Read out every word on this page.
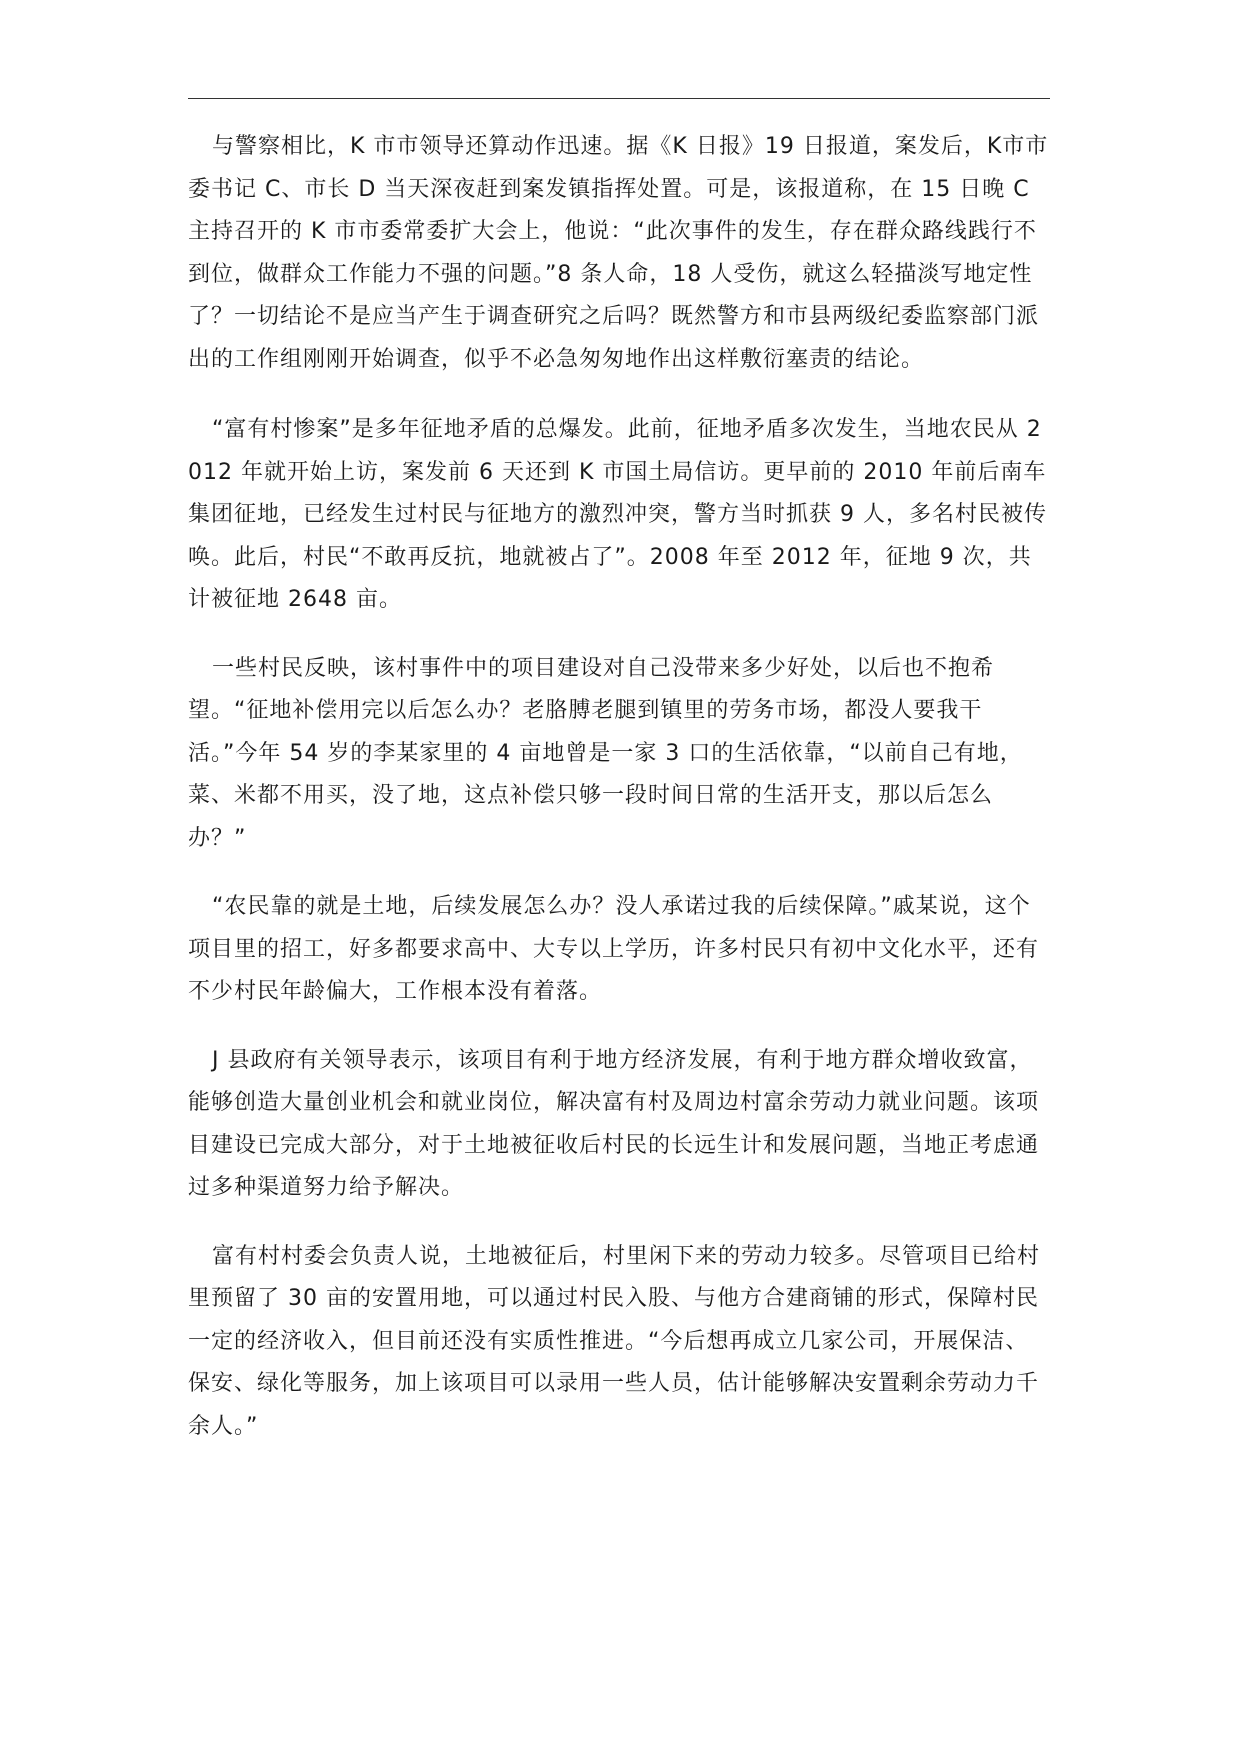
与警察相比，K 市市领导还算动作迅速。据《K 日报》19 日报道，案发后，K市市委书记 C、市长 D 当天深夜赶到案发镇指挥处置。可是，该报道称，在 15 日晚 C 主持召开的 K 市市委常委扩大会上，他说：“此次事件的发生，存在群众路线践行不到位，做群众工作能力不强的问题。”8 条人命，18 人受伤，就这么轻描淡写地定性了？一切结论不是应当产生于调查研究之后吗？既然警方和市县两级纪委监察部门派出的工作组刚刚开始调查，似乎不必急匆匆地作出这样敷衍塞责的结论。

“富有村惨案”是多年征地矛盾的总爆发。此前，征地矛盾多次发生，当地农民从 2012 年就开始上访，案发前 6 天还到 K 市国土局信访。更早前的 2010 年前后南车集团征地，已经发生过村民与征地方的激烈冲突，警方当时抓获 9 人，多名村民被传唤。此后，村民“不敢再反抗，地就被占了”。2008 年至 2012 年，征地 9 次，共计被征地 2648 亩。

一些村民反映，该村事件中的项目建设对自己没带来多少好处，以后也不抱希望。“征地补偿用完以后怎么办？老胳膊老腿到镇里的劳务市场，都没人要我干活。”今年 54 岁的李某家里的 4 亩地曾是一家 3 口的生活依靠，“以前自己有地，菜、米都不用买，没了地，这点补偿只够一段时间日常的生活开支，那以后怎么办？”

“农民靠的就是土地，后续发展怎么办？没人承诺过我的后续保障。”戚某说，这个项目里的招工，好多都要求高中、大专以上学历，许多村民只有初中文化水平，还有不少村民年龄偏大，工作根本没有着落。

J 县政府有关领导表示，该项目有利于地方经济发展，有利于地方群众增收致富，能够创造大量创业机会和就业岗位，解决富有村及周边村富余劳动力就业问题。该项目建设已完成大部分，对于土地被征收后村民的长远生计和发展问题，当地正考虑通过多种渠道努力给予解决。

富有村村委会负责人说，土地被征后，村里闲下来的劳动力较多。尽管项目已给村里预留了 30 亩的安置用地，可以通过村民入股、与他方合建商铺的形式，保障村民一定的经济收入，但目前还没有实质性推进。“今后想再成立几家公司，开展保洁、保安、绿化等服务，加上该项目可以录用一些人员，估计能够解决安置剩余劳动力千余人。”
